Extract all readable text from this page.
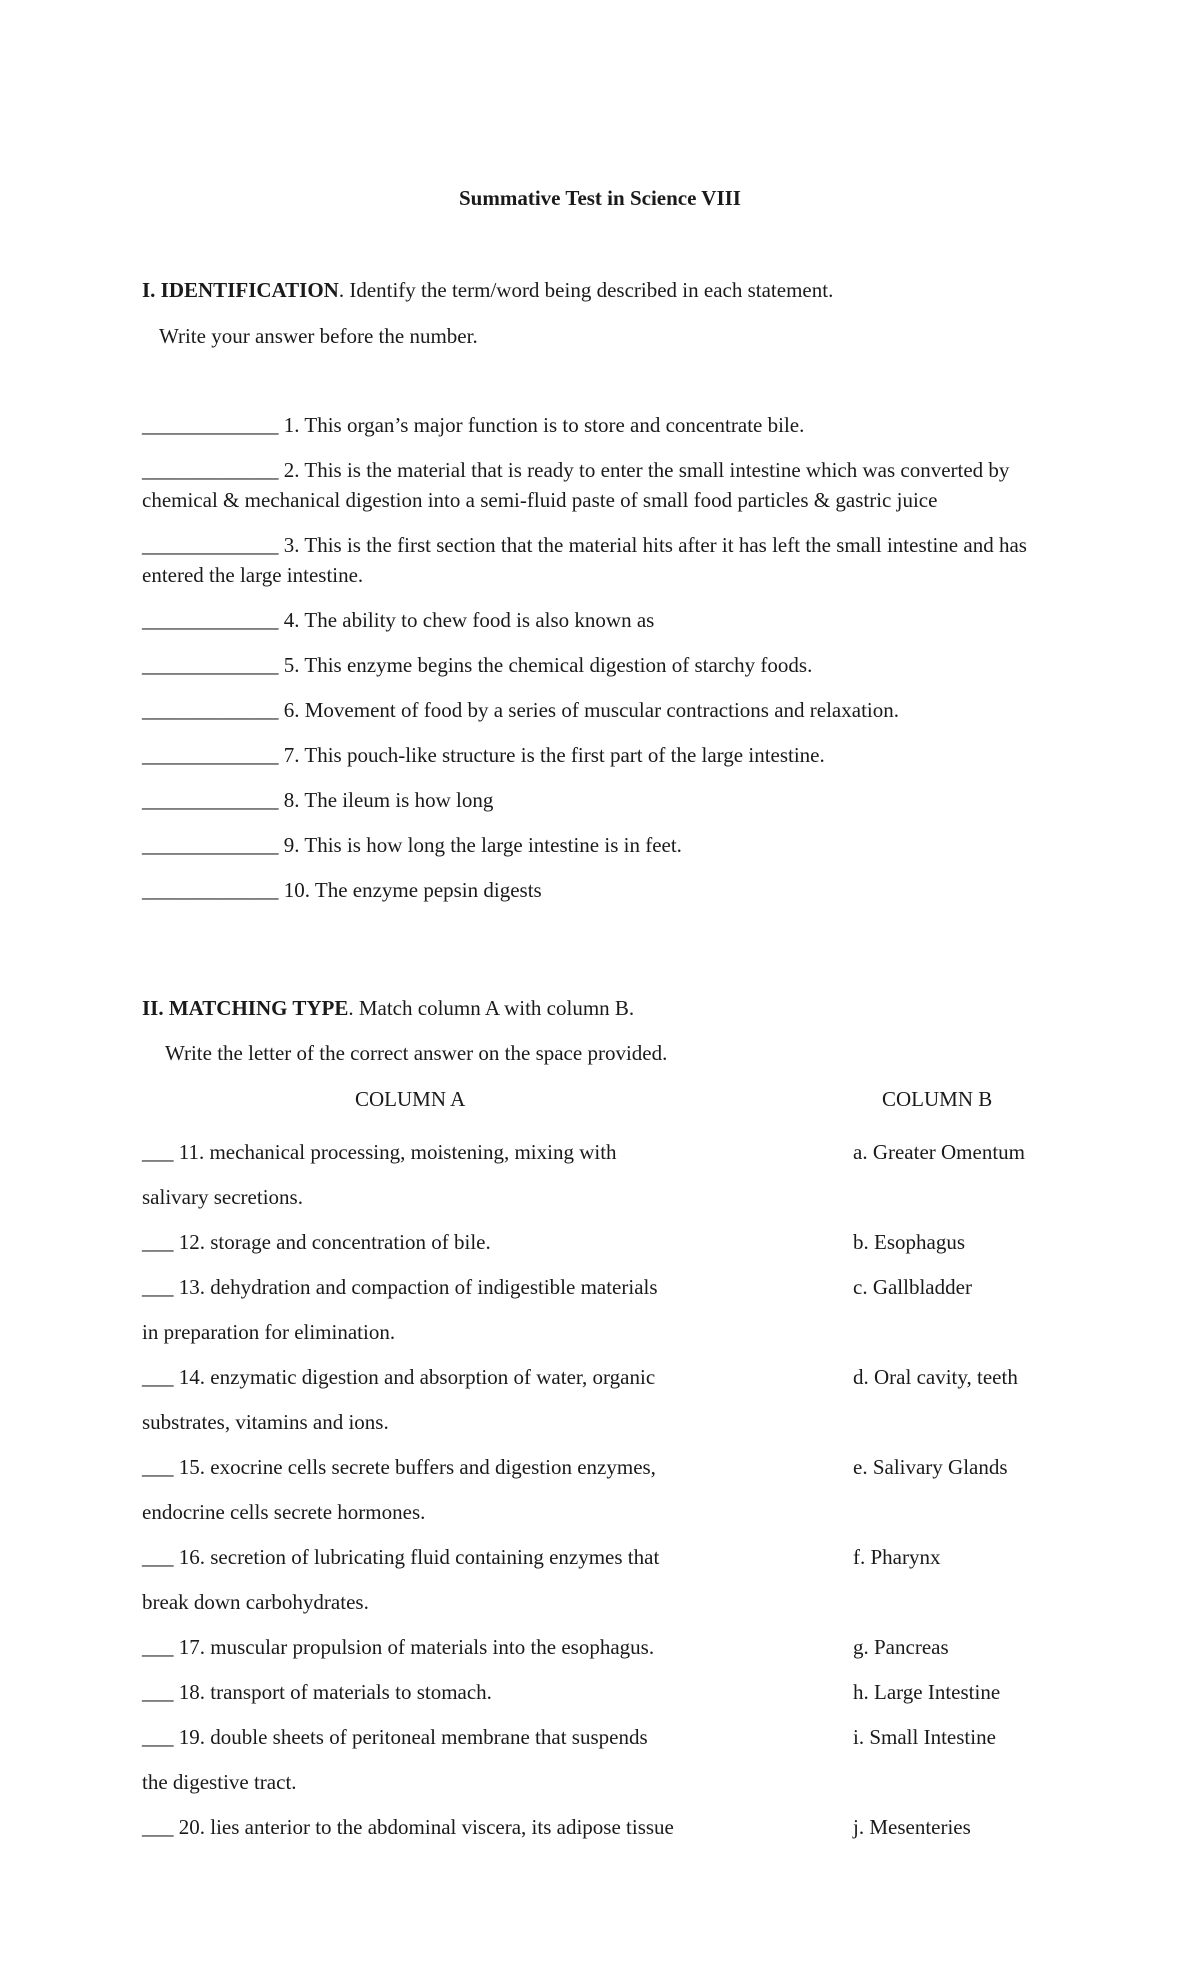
Summative Test in Science VIII
I. IDENTIFICATION. Identify the term/word being described in each statement.
Write your answer before the number.

_____________ 1. This organ’s major function is to store and concentrate bile.

_____________ 2. This is the material that is ready to enter the small intestine which was converted by chemical & mechanical digestion into a semi-fluid paste of small food particles & gastric juice

_____________ 3. This is the first section that the material hits after it has left the small intestine and has entered the large intestine.

_____________ 4. The ability to chew food is also known as

_____________ 5. This enzyme begins the chemical digestion of starchy foods.

_____________ 6. Movement of food by a series of muscular contractions and relaxation.

_____________ 7. This pouch-like structure is the first part of the large intestine.

_____________ 8. The ileum is how long

_____________ 9. This is how long the large intestine is in feet.

_____________ 10. The enzyme pepsin digests

II. MATCHING TYPE. Match column A with column B.
Write the letter of the correct answer on the space provided.
COLUMN A	COLUMN B
___ 11. mechanical processing, moistening, mixing with
salivary secretions.
___ 12. storage and concentration of bile.
___ 13. dehydration and compaction of indigestible materials
in preparation for elimination.
___ 14. enzymatic digestion and absorption of water, organic
substrates, vitamins and ions.
___ 15. exocrine cells secrete buffers and digestion enzymes,
endocrine cells secrete hormones.
___ 16. secretion of lubricating fluid containing enzymes that
break down carbohydrates.
___ 17. muscular propulsion of materials into the esophagus.
___ 18. transport of materials to stomach.
___ 19. double sheets of peritoneal membrane that suspends
the digestive tract.
___ 20. lies anterior to the abdominal viscera, its adipose tissue
a. Greater Omentum
b. Esophagus
c. Gallbladder
d. Oral cavity, teeth
e. Salivary Glands
f. Pharynx
g. Pancreas
h. Large Intestine
i. Small Intestine
j. Mesenteries
